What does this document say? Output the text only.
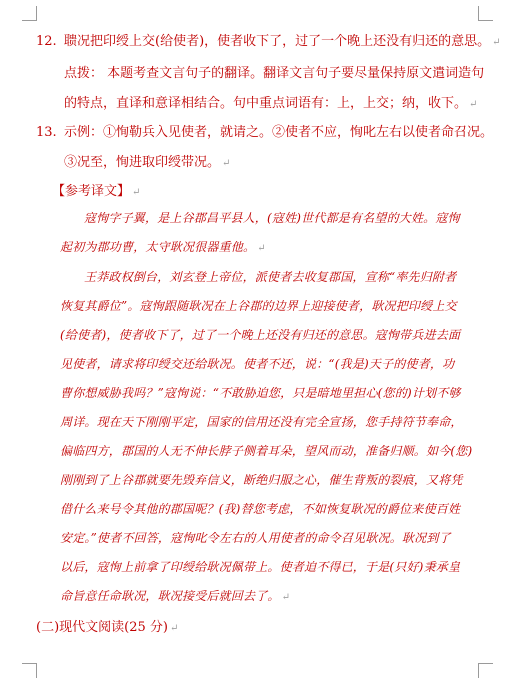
12. 聩况把印绶上交(给使者)，使者收下了，过了一个晚上还没有归还的意思。 ↵
点拨： 本题考查文言句子的翻译。翻译文言句子要尽量保持原文遣词造句
的特点，直译和意译相结合。句中重点词语有：上，上交；纳，收下。 ↵
13. 示例：①恂勒兵入见使者，就请之。②使者不应，恂叱左右以使者命召况。
③况至，恂进取印绶带况。 ↵
【参考译文】 ↵
寇恂字子翼，是上谷郡昌平县人，(寇姓)世代都是有名望的大姓。寇恂
起初为郡功曹，太守耿况很器重他。 ↵
王莽政权倒台，刘玄登上帝位，派使者去收复郡国，宣称“率先归附者
恢复其爵位”。寇恂跟随耿况在上谷郡的边界上迎接使者，耿况把印绶上交
(给使者)，使者收下了，过了一个晚上还没有归还的意思。寇恂带兵进去面
见使者，请求将印绶交还给耿况。使者不还，说：“(我是)天子的使者，功
曹你想威胁我吗？”寇恂说：“不敢胁迫您，只是暗地里担心(您的)计划不够
周详。现在天下刚刚平定，国家的信用还没有完全宣扬，您手持符节奉命，
偏临四方，郡国的人无不伸长脖子侧着耳朵，望风而动，准备归顺。如今(您)
刚刚到了上谷郡就要先毁弃信义，断绝归服之心，催生背叛的裂痕，又将凭
借什么来号令其他的郡国呢？(我)替您考虑，不如恢复耿况的爵位来使百姓
安定。”使者不回答，寇恂叱令左右的人用使者的命令召见耿况。耿况到了
以后，寇恂上前拿了印绶给耿况佩带上。使者迫不得已，于是(只好)秉承皇
命旨意任命耿况，耿况接受后就回去了。 ↵
(二)现代文阅读(25 分) ↵
